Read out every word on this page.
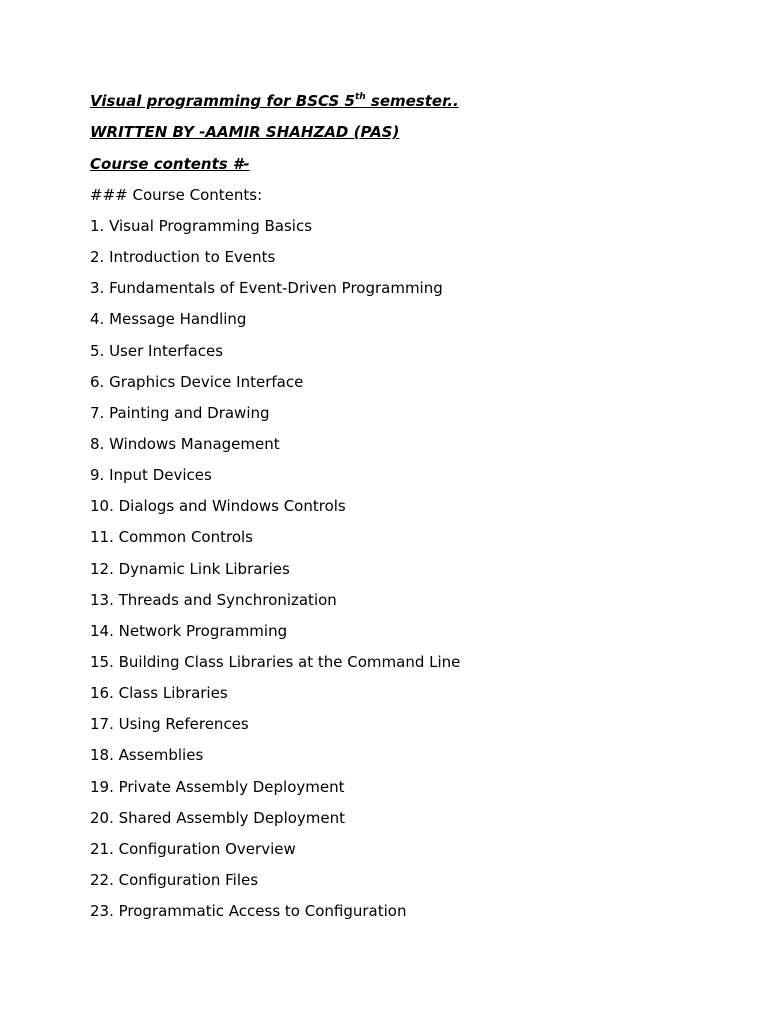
Visual programming for BSCS 5th semester..
WRITTEN BY -AAMIR SHAHZAD (PAS)
Course contents #-
### Course Contents:
1. Visual Programming Basics
2. Introduction to Events
3. Fundamentals of Event-Driven Programming
4. Message Handling
5. User Interfaces
6. Graphics Device Interface
7. Painting and Drawing
8. Windows Management
9. Input Devices
10. Dialogs and Windows Controls
11. Common Controls
12. Dynamic Link Libraries
13. Threads and Synchronization
14. Network Programming
15. Building Class Libraries at the Command Line
16. Class Libraries
17. Using References
18. Assemblies
19. Private Assembly Deployment
20. Shared Assembly Deployment
21. Configuration Overview
22. Configuration Files
23. Programmatic Access to Configuration
